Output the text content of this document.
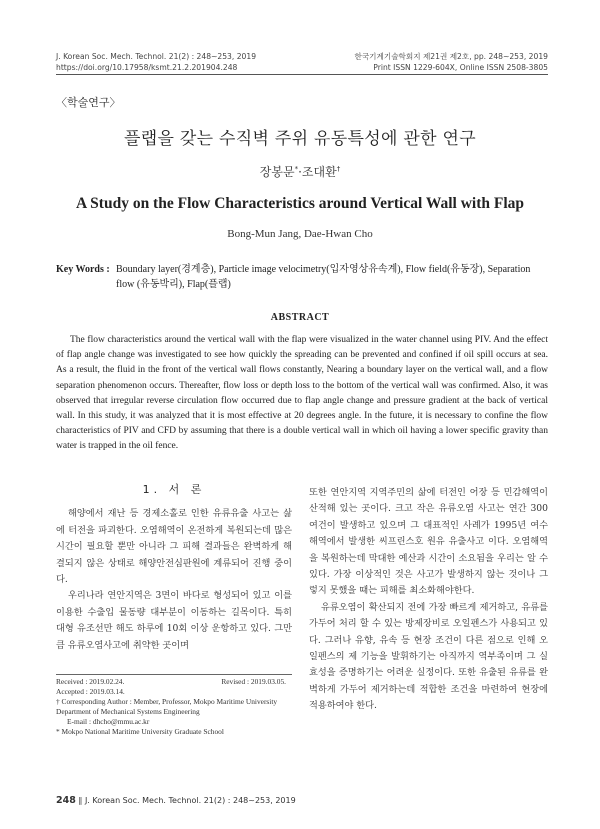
J. Korean Soc. Mech. Technol. 21(2) : 248~253, 2019
https://doi.org/10.17958/ksmt.21.2.201904.248
한국기계기술학회지 제21권 제2호, pp. 248~253, 2019
Print ISSN 1229-604X, Online ISSN 2508-3805
〈학술연구〉
플랩을 갖는 수직벽 주위 유동특성에 관한 연구
장봉문*·조대환†
A Study on the Flow Characteristics around Vertical Wall with Flap
Bong-Mun Jang, Dae-Hwan Cho
Key Words : Boundary layer(경계층), Particle image velocimetry(입자영상유속계), Flow field(유동장), Separation flow (유동박리), Flap(플랩)
ABSTRACT
The flow characteristics around the vertical wall with the flap were visualized in the water channel using PIV. And the effect of flap angle change was investigated to see how quickly the spreading can be prevented and confined if oil spill occurs at sea. As a result, the fluid in the front of the vertical wall flows constantly, Nearing a boundary layer on the vertical wall, and a flow separation phenomenon occurs. Thereafter, flow loss or depth loss to the bottom of the vertical wall was confirmed. Also, it was observed that irregular reverse circulation flow occurred due to flap angle change and pressure gradient at the back of vertical wall. In this study, it was analyzed that it is most effective at 20 degrees angle. In the future, it is necessary to confine the flow characteristics of PIV and CFD by assuming that there is a double vertical wall in which oil having a lower specific gravity than water is trapped in the oil fence.
1. 서 론

해양에서 재난 등 경제소홀로 인한 유류유출 사고는 삶에 터전을 파괴한다. 오염해역이 온전하게 복원되는데 많은 시간이 필요할 뿐만 아니라 그 피해 결과들은 완벽하게 해결되지 않은 상태로 해양안전심판원에 계류되어 진행 중이다.

우리나라 연안지역은 3면이 바다로 형성되어 있고 이를 이용한 수출입 물동량 대부분이 이동하는 길목이다. 특히 대형 유조선만 해도 하루에 10회 이상 운항하고 있다. 그만큼 유류오염사고에 취약한 곳이며

또한 연안지역 지역주민의 삶에 터전인 어장 등 민감해역이 산적해 있는 곳이다. 크고 작은 유류오염 사고는 연간 300여건이 발생하고 있으며 그 대표적인 사례가 1995년 여수해역에서 발생한 씨프린스호 원유 유출사고 이다. 오염해역을 복원하는데 막대한 예산과 시간이 소요됨을 우리는 알 수 있다. 가장 이상적인 것은 사고가 발생하지 않는 것이나 그렇지 못했을 때는 피해를 최소화해야한다.

유류오염이 확산되지 전에 가장 빠르게 제거하고, 유류를 가두어 처리 할 수 있는 방제장비로 오일펜스가 사용되고 있다. 그러나 유향, 유속 등 현장 조건이 다른 점으로 인해 오일펜스의 제 기능을 발휘하기는 아직까지 역부족이며 그 실효성을 증명하기는 어려운 실정이다. 또한 유출된 유류를 완벽하게 가두어 제거하는데 적합한 조건을 마련하여 현장에 적용하여야 한다.

Received : 2019.02.24.	Revised : 2019.03.05.
Accepted : 2019.03.14.
† Corresponding Author : Member, Professor, Mokpo Maritime University Department of Mechanical Systems Engineering
E-mail : dhcho@mmu.ac.kr
* Mokpo National Maritime University Graduate School
248 ∥ J. Korean Soc. Mech. Technol. 21(2) : 248~253, 2019
